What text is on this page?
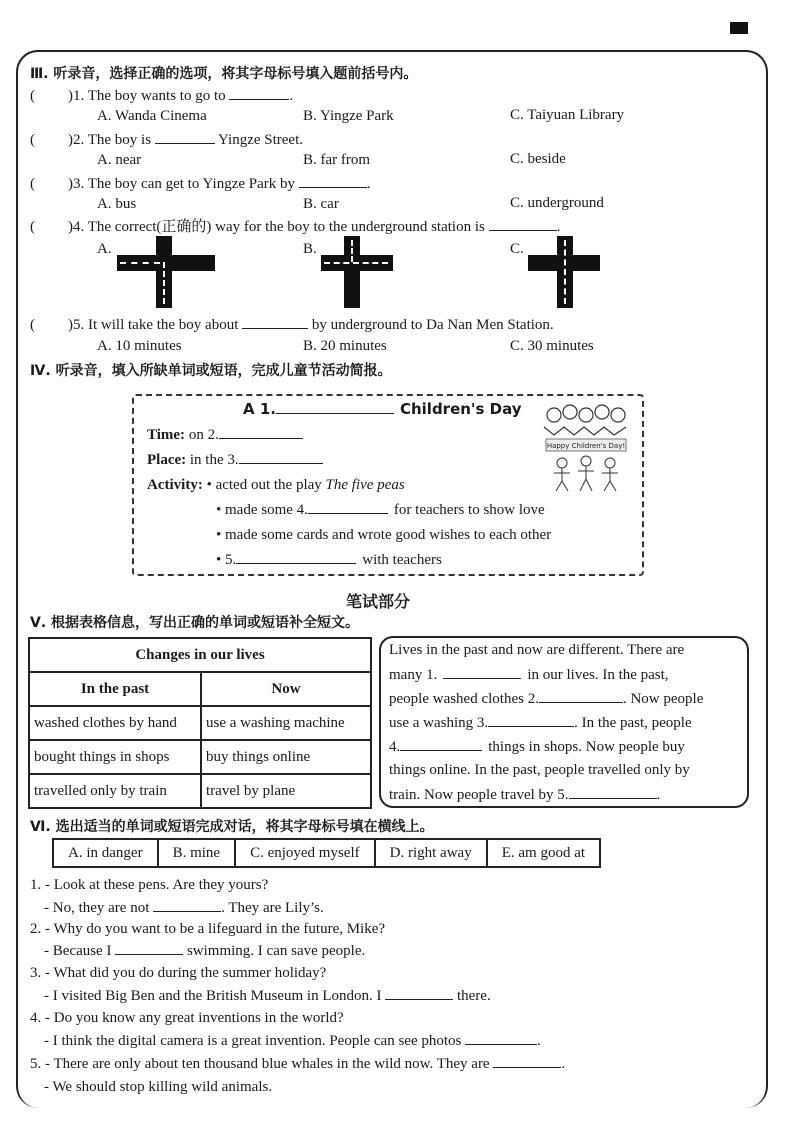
Ⅲ. 听录音，选择正确的选项，将其字母标号填入题前括号内。
( )1. The boy wants to go to	.
A. Wanda Cinema	B. Yingze Park	C. Taiyuan Library
( )2. The boy is	Yingze Street.
A. near	B. far from	C. beside
( )3. The boy can get to Yingze Park by	.
A. bus	B. car	C. underground
( )4. The correct(正确的) way for the boy to the underground station is	.
A.	B.	C.
( )5. It will take the boy about	by underground to Da Nan Men Station.
A. 10 minutes	B. 20 minutes	C. 30 minutes
Ⅳ. 听录音，填入所缺单词或短语，完成儿童节活动简报。
A 1.	Children's Day
Time: on 2.
Place: in the 3.
Activity: • acted out the play The five peas
• made some 4.	for teachers to show love
• made some cards and wrote good wishes to each other
• 5.	with teachers
Happy Children's Day!
笔试部分
Ⅴ. 根据表格信息，写出正确的单词或短语补全短文。
Changes in our lives	
In the past	Now
washed clothes by hand	use a washing machine
bought things in shops	buy things online
travelled only by train	travel by plane
Lives in the past and now are different. There are
many 1.	in our lives. In the past,
people washed clothes 2.	. Now people
use a washing 3.	. In the past, people
4.	things in shops. Now people buy
things online. In the past, people travelled only by
train. Now people travel by 5.	.
Ⅵ. 选出适当的单词或短语完成对话，将其字母标号填在横线上。
A. in danger	B. mine	C. enjoyed myself	D. right away	E. am good at
1. - Look at these pens. Are they yours?
- No, they are not	. They are Lily’s.
2. - Why do you want to be a lifeguard in the future, Mike?
- Because I	swimming. I can save people.
3. - What did you do during the summer holiday?
- I visited Big Ben and the British Museum in London. I	there.
4. - Do you know any great inventions in the world?
- I think the digital camera is a great invention. People can see photos	.
5. - There are only about ten thousand blue whales in the wild now. They are	.
- We should stop killing wild animals.
